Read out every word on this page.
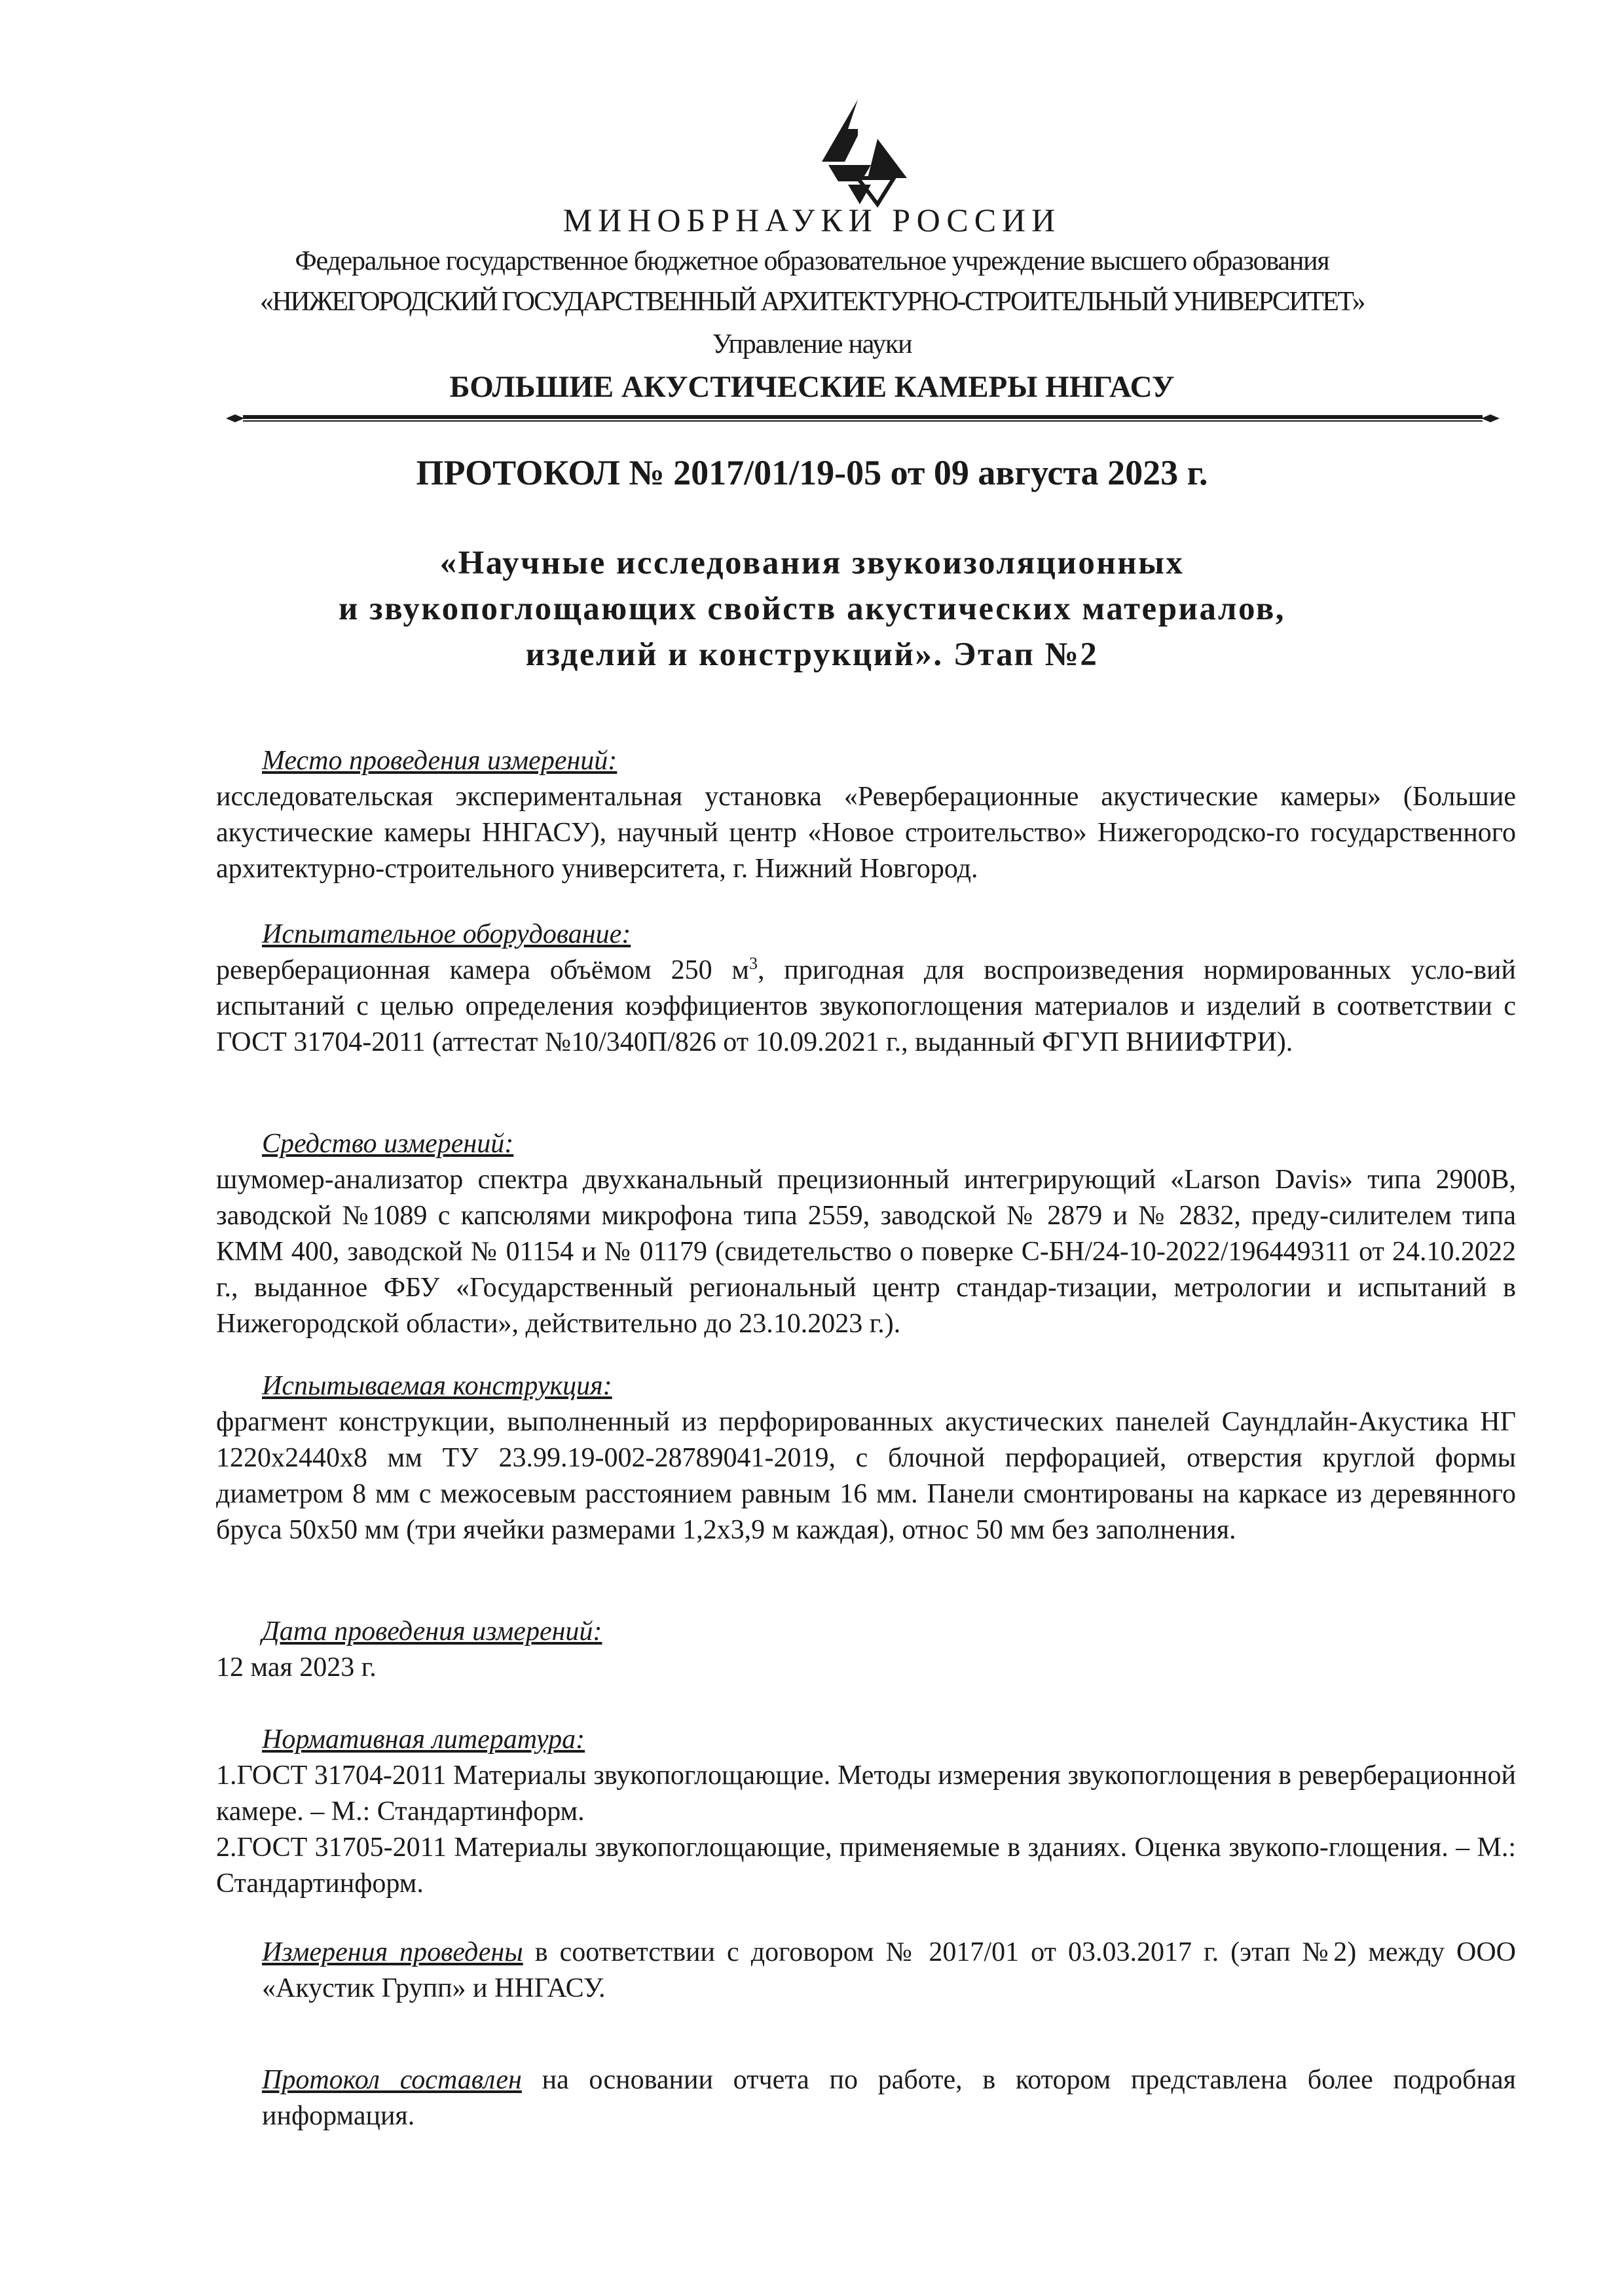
МИНОБРНАУКИ РОССИИ
Федеральное государственное бюджетное образовательное учреждение высшего образования
«НИЖЕГОРОДСКИЙ ГОСУДАРСТВЕННЫЙ АРХИТЕКТУРНО-СТРОИТЕЛЬНЫЙ УНИВЕРСИТЕТ»
Управление науки
БОЛЬШИЕ АКУСТИЧЕСКИЕ КАМЕРЫ ННГАСУ
ПРОТОКОЛ № 2017/01/19-05 от 09 августа 2023 г.
«Научные исследования звукоизоляционных
и звукопоглощающих свойств акустических материалов,
изделий и конструкций». Этап №2
Место проведения измерений:
исследовательская экспериментальная установка «Реверберационные акустические камеры» (Большие акустические камеры ННГАСУ), научный центр «Новое строительство» Нижегородско-го государственного архитектурно-строительного университета, г. Нижний Новгород.
Испытательное оборудование:
реверберационная камера объёмом 250 $м^3$, пригодная для воспроизведения нормированных усло-вий испытаний с целью определения коэффициентов звукопоглощения материалов и изделий в соответствии с ГОСТ 31704-2011 (аттестат №10/340П/826 от 10.09.2021 г., выданный ФГУП ВНИИФТРИ).
Средство измерений:
шумомер-анализатор спектра двухканальный прецизионный интегрирующий «Larson Davis» типа 2900В, заводской №1089 с капсюлями микрофона типа 2559, заводской № 2879 и № 2832, преду-силителем типа КММ 400, заводской № 01154 и № 01179 (свидетельство о поверке С-БН/24-10-2022/196449311 от 24.10.2022 г., выданное ФБУ «Государственный региональный центр стандар-тизации, метрологии и испытаний в Нижегородской области», действительно до 23.10.2023 г.).
Испытываемая конструкция:
фрагмент конструкции, выполненный из перфорированных акустических панелей Саундлайн-Акустика НГ 1220x2440x8 мм ТУ 23.99.19-002-28789041-2019, с блочной перфорацией, отверстия круглой формы диаметром 8 мм с межосевым расстоянием равным 16 мм. Панели смонтированы на каркасе из деревянного бруса 50x50 мм (три ячейки размерами 1,2x3,9 м каждая), относ 50 мм без заполнения.
Дата проведения измерений:
12 мая 2023 г.
Нормативная литература:
1.ГОСТ 31704-2011 Материалы звукопоглощающие. Методы измерения звукопоглощения в реверберационной камере. – М.: Стандартинформ.
2.ГОСТ 31705-2011 Материалы звукопоглощающие, применяемые в зданиях. Оценка звукопо-глощения. – М.: Стандартинформ.
Измерения проведены в соответствии с договором № 2017/01 от 03.03.2017 г. (этап №2) между ООО «Акустик Групп» и ННГАСУ.
Протокол составлен на основании отчета по работе, в котором представлена более подробная информация.
